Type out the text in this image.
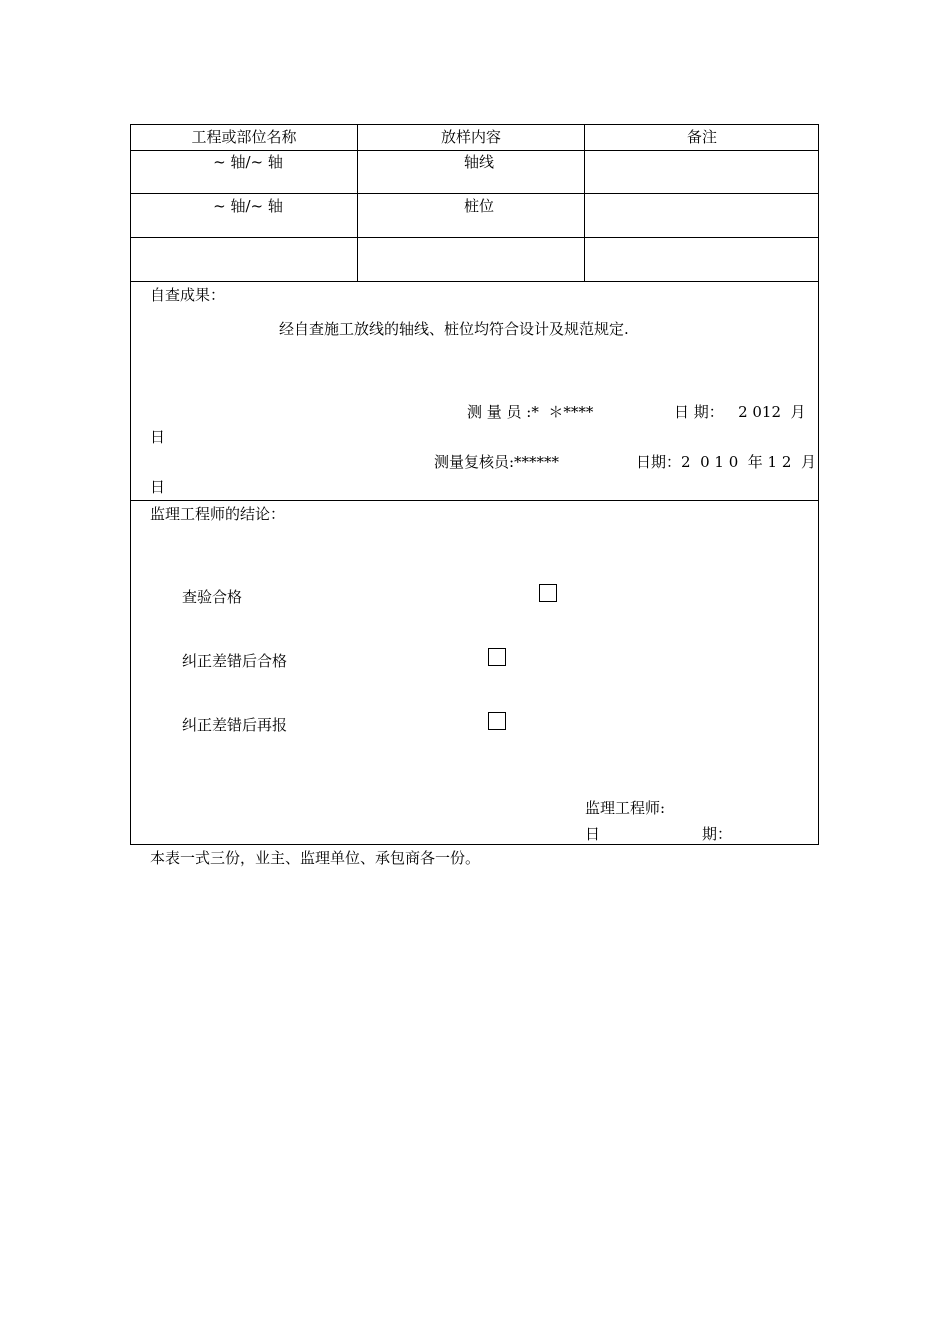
工程或部位名称	放样内容	备注
~ 轴/~ 轴	轴线
~ 轴/~ 轴	桩位
自查成果：
经自查施工放线的轴线、桩位均符合设计及规范规定.
测 量 员 :*  ＊****	日 期：   2 012  月
日
测量复核员:******	日期：2  0 1 0  年 1 2  月
日
监理工程师的结论：
查验合格
纠正差错后合格
纠正差错后再报
监理工程师:
日	期：
本表一式三份，业主、监理单位、承包商各一份。
